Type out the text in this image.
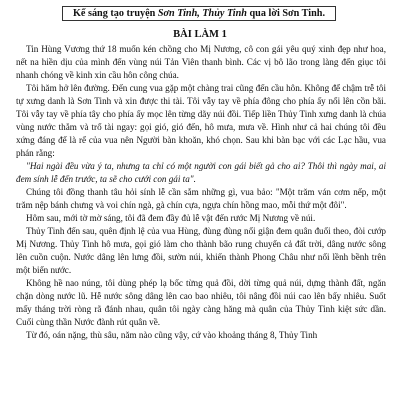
Kể sáng tạo truyện Sơn Tinh, Thủy Tinh qua lời Sơn Tinh.
BÀI LÀM 1

Tin Hùng Vương thứ 18 muốn kén chồng cho Mị Nương, cô con gái yêu quý xinh đẹp như hoa, nết na hiền dịu của mình đến vùng núi Tản Viên thanh bình. Các vị bô lão trong làng đến giục tôi nhanh chóng về kinh xin cầu hôn công chúa.

Tôi hăm hở lên đường. Đến cung vua gặp một chàng trai cũng đến cầu hôn. Không để chậm trễ tôi tự xưng danh là Sơn Tinh và xin được thi tài. Tôi vẫy tay về phía đông cho phía ấy nổi lên cồn bãi. Tôi vẫy tay về phía tây cho phía ấy mọc lên từng dãy núi đồi. Tiếp liền Thủy Tinh xưng danh là chúa vùng nước thẳm và trổ tài ngay: gọi gió, gió đến, hô mưa, mưa về. Hình như cả hai chúng tôi đều xứng đáng để là rể của vua nên Người bàn khoăn, khó chọn. Sau khi bàn bạc với các Lạc hầu, vua phán rằng:

"Hai ngài đều vừa ý ta, nhưng ta chỉ có một người con gái biết gả cho ai? Thôi thì ngày mai, ai đem sính lễ đến trước, ta sẽ cho cưới con gái ta".

Chúng tôi đồng thanh tâu hỏi sính lễ cần sắm những gì, vua bảo: "Một trăm ván cơm nếp, một trăm nệp bánh chưng và voi chín ngà, gà chín cựa, ngựa chín hồng mao, mỗi thứ một đôi".

Hôm sau, mới tờ mờ sáng, tôi đã đem đầy đủ lễ vật đến rước Mị Nương về núi.

Thủy Tinh đến sau, quên định lệ của vua Hùng, đùng đùng nổi giận đem quân đuổi theo, đòi cướp Mị Nương. Thủy Tinh hô mưa, gọi gió làm cho thành bão rung chuyển cả đất trời, dâng nước sông lên cuồn cuộn. Nước dâng lên lưng đồi, sườn núi, khiến thành Phong Châu như nổi lềnh bềnh trên một biển nước.

Không hề nao núng, tôi dùng phép lạ bốc từng quả đồi, dời từng quả núi, dựng thành đất, ngăn chặn dòng nước lũ. Hễ nước sông dâng lên cao bao nhiêu, tôi nâng đồi núi cao lên bấy nhiêu. Suốt mấy tháng trời ròng rã đánh nhau, quân tôi ngày càng hăng mà quân của Thủy Tinh kiệt sức dần. Cuối cùng thần Nước đành rút quân về.

Từ đó, oán nặng, thù sâu, năm nào cũng vậy, cứ vào khoảng tháng 8, Thủy Tinh
